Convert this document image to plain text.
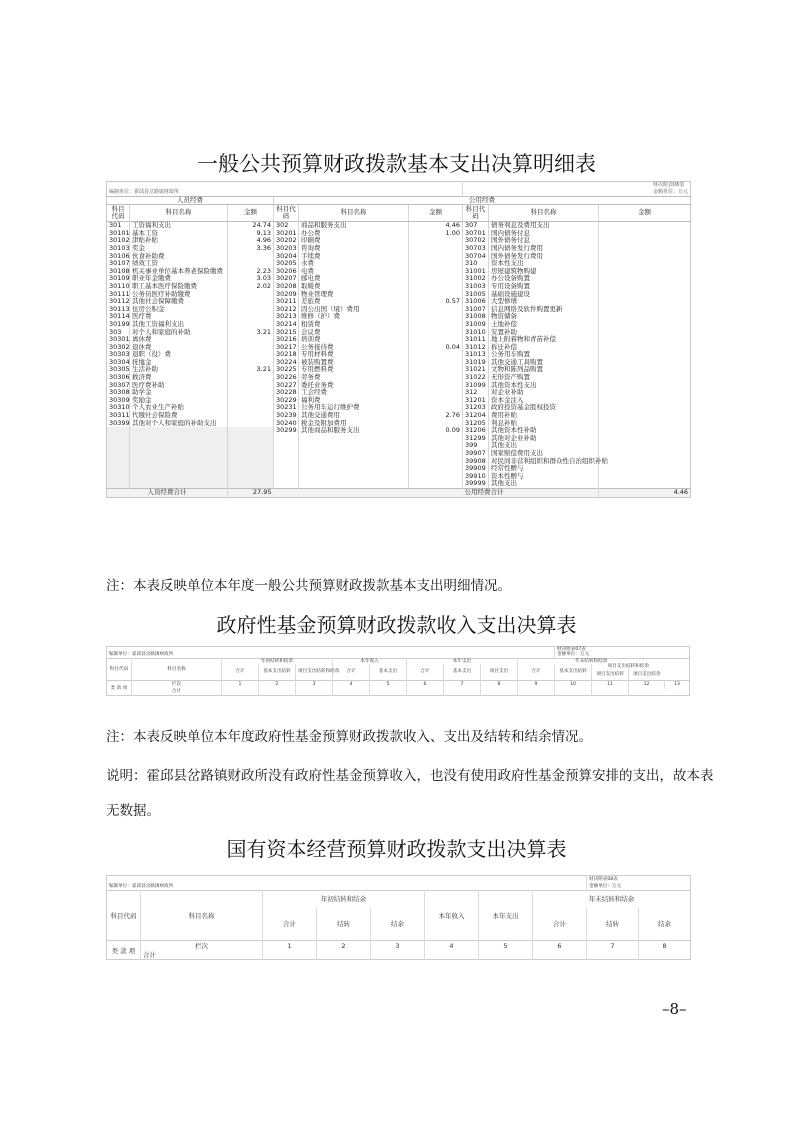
一般公共预算财政拨款基本支出决算明细表
						财决附表06表		
编制单位：霍邱县岔路镇财政所						金额单位：万元		
人员经费			公用经费					
科目代码	科目名称	金额	科目代码	科目名称	金额	科目代码	科目名称	金额
301	工资福利支出	24.74	302	商品和服务支出	4.46	307	债务利息及费用支出	
30101	基本工资	9.13	30201	办公费	1.00	30701	国内债务付息	
30102	津贴补贴	4.96	30202	印刷费		30702	国外债务付息	
30103	奖金	3.36	30203	咨询费		30703	国内债务发行费用	
30106	伙食补助费		30204	手续费		30704	国外债务发行费用	
30107	绩效工资		30205	水费		310	资本性支出	
30108	机关事业单位基本养老保险缴费	2.23	30206	电费		31001	房屋建筑物购建	
30109	职业年金缴费	3.03	30207	邮电费		31002	办公设备购置	
30110	职工基本医疗保险缴费	2.02	30208	取暖费		31003	专用设备购置	
30111	公务员医疗补助缴费		30209	物业管理费		31005	基础设施建设	
30112	其他社会保障缴费		30211	差旅费	0.57	31006	大型修缮	
30113	住房公积金		30212	因公出国（境）费用		31007	信息网络及软件购置更新	
30114	医疗费		30213	维修（护）费		31008	物资储备	
30199	其他工资福利支出		30214	租赁费		31009	土地补偿	
303	对个人和家庭的补助	3.21	30215	会议费		31010	安置补助	
30301	离休费		30216	培训费		31011	地上附着物和青苗补偿	
30302	退休费		30217	公务接待费	0.04	31012	拆迁补偿	
30303	退职（役）费		30218	专用材料费		31013	公务用车购置	
30304	抚恤金		30224	被装购置费		31019	其他交通工具购置	
30305	生活补助	3.21	30225	专用燃料费		31021	文物和陈列品购置	
30306	救济费		30226	劳务费		31022	无形资产购置	
30307	医疗费补助		30227	委托业务费		31099	其他资本性支出	
30308	助学金		30228	工会经费		312	对企业补助	
30309	奖励金		30229	福利费		31201	资本金注入	
30310	个人农业生产补贴		30231	公务用车运行维护费		31203	政府投资基金股权投资	
30311	代缴社会保险费		30239	其他交通费用	2.76	31204	费用补贴	
30399	其他对个人和家庭的补助支出		30240	税金及附加费用		31205	利息补贴	
			30299	其他商品和服务支出	0.09	31206	其他资本性补助	
						31299	其他对企业补助	
						399	其他支出	
						39907	国家赔偿费用支出	
						39908	对民间非营利组织和群众性自治组织补贴	
						39909	经常性赠与	
						39910	资本性赠与	
						39999	其他支出	
人员经费合计		27.95				公用经费合计		4.46
注：本表反映单位本年度一般公共预算财政拨款基本支出明细情况。
政府性基金预算财政拨款收入支出决算表
											财决附表07表			
编制单位：霍邱县岔路镇财政所											金额单位：万元			
科目代码	科目名称	年初结转和结余			本年收入		本年支出			年末结转和结余				
		合计	基本支出结转	项目支出结转和结余	合计	基本支出	合计	基本支出	项目支出	合计	基本支出结转	项目支出结转和结余		
												项目支出结转	项目支出结余	
类 款 项	栏次	1	2	3	4	5	6	7	8	9	10	11	12	13
	合计													
注：本表反映单位本年度政府性基金预算财政拨款收入、支出及结转和结余情况。
说明：霍邱县岔路镇财政所没有政府性基金预算收入，也没有使用政府性基金预算安排的支出，故本表
无数据。
国有资本经营预算财政拨款支出决算表
								财决附表08表	
编制单位：霍邱县岔路镇财政所								金额单位：万元	
科目代码	科目名称	年初结转和结余			本年收入	本年支出	年末结转和结余		
		合计	结转	结余			合计	结转	结余
类 款 项	栏次	1	2	3	4	5	6	7	8
	合计								
–8–
